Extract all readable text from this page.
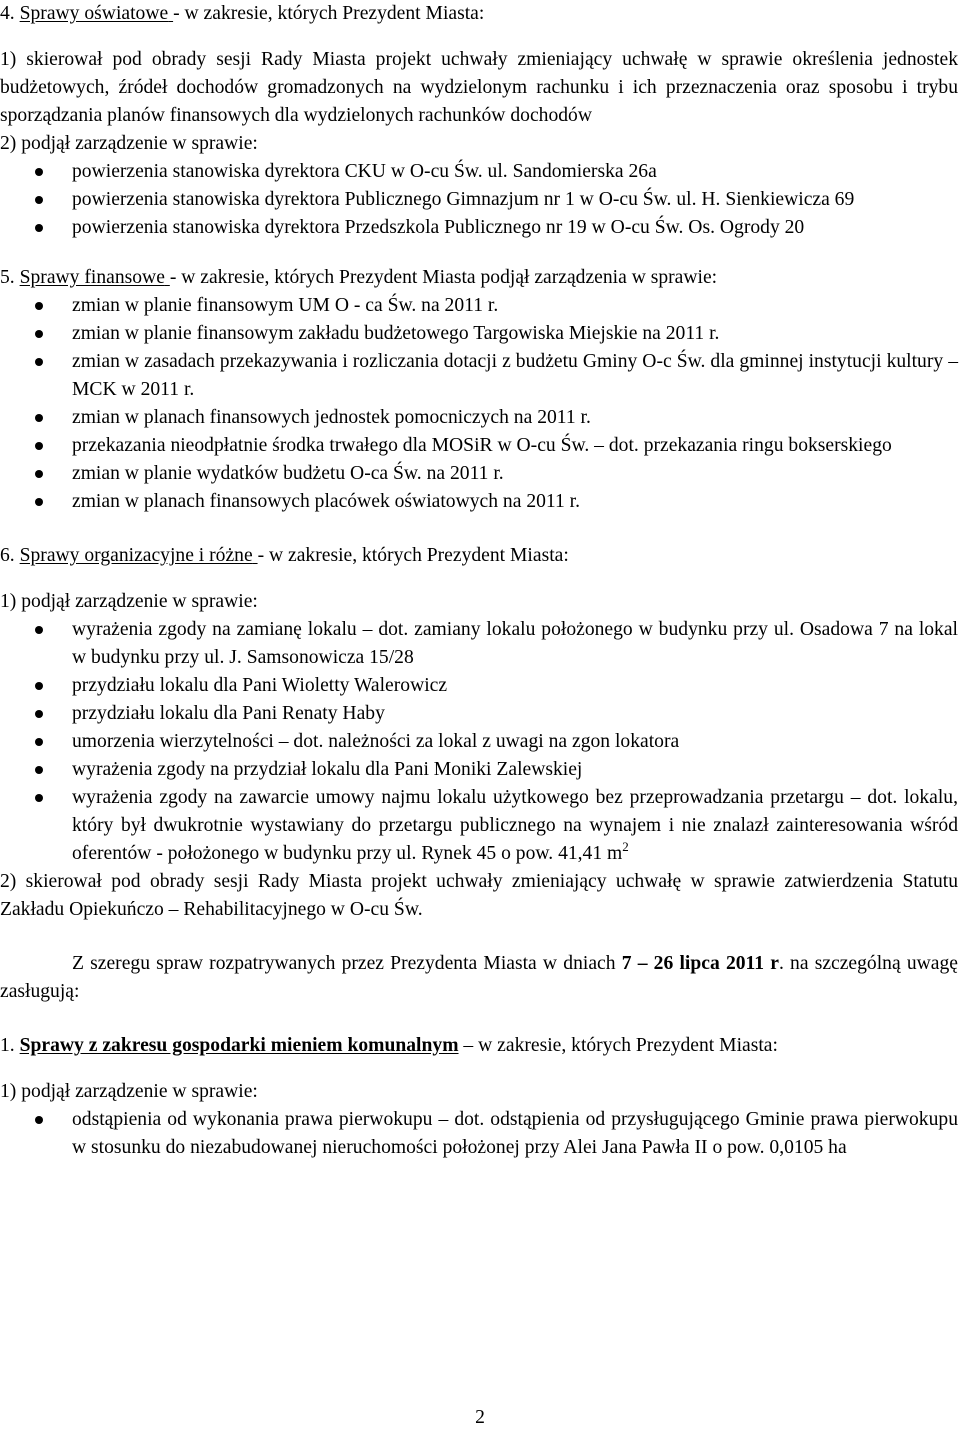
4. Sprawy oświatowe - w zakresie, których Prezydent Miasta:

1) skierował pod obrady sesji Rady Miasta projekt uchwały zmieniający uchwałę w sprawie określenia jednostek budżetowych, źródeł dochodów gromadzonych na wydzielonym rachunku i ich przeznaczenia oraz sposobu i trybu sporządzania planów finansowych dla wydzielonych rachunków dochodów

2) podjął zarządzenie w sprawie:

powierzenia stanowiska dyrektora CKU w O-cu Św. ul. Sandomierska 26a
powierzenia stanowiska dyrektora Publicznego Gimnazjum nr 1 w O-cu Św. ul. H. Sienkiewicza 69
powierzenia stanowiska dyrektora Przedszkola Publicznego nr 19 w O-cu Św. Os. Ogrody 20

5. Sprawy finansowe - w zakresie, których Prezydent Miasta podjął zarządzenia w sprawie:

zmian w planie finansowym UM O - ca Św. na 2011 r.
zmian w planie finansowym zakładu budżetowego Targowiska Miejskie na 2011 r.
zmian w zasadach przekazywania i rozliczania dotacji z budżetu Gminy O-c Św. dla gminnej instytucji kultury – MCK w 2011 r.
zmian w planach finansowych jednostek pomocniczych na 2011 r.
przekazania nieodpłatnie środka trwałego dla MOSiR w O-cu Św. – dot. przekazania ringu bokserskiego
zmian w planie wydatków budżetu O-ca Św. na 2011 r.
zmian w planach finansowych placówek oświatowych na 2011 r.

6. Sprawy organizacyjne i różne - w zakresie, których Prezydent Miasta:

1) podjął zarządzenie w sprawie:

wyrażenia zgody na zamianę lokalu – dot. zamiany lokalu położonego w budynku przy ul. Osadowa 7 na lokal w budynku przy ul. J. Samsonowicza 15/28
przydziału lokalu dla Pani Wioletty Walerowicz
przydziału lokalu dla Pani Renaty Haby
umorzenia wierzytelności – dot. należności za lokal z uwagi na zgon lokatora
wyrażenia zgody na przydział lokalu dla Pani Moniki Zalewskiej
wyrażenia zgody na zawarcie umowy najmu lokalu użytkowego bez przeprowadzania przetargu – dot. lokalu, który był dwukrotnie wystawiany do przetargu publicznego na wynajem i nie znalazł zainteresowania wśród oferentów - położonego w budynku przy ul. Rynek 45 o pow. 41,41 $m^2$

2) skierował pod obrady sesji Rady Miasta projekt uchwały zmieniający uchwałę w sprawie zatwierdzenia Statutu Zakładu Opiekuńczo – Rehabilitacyjnego w O-cu Św.

Z szeregu spraw rozpatrywanych przez Prezydenta Miasta w dniach 7 – 26 lipca 2011 r. na szczególną uwagę zasługują:

1. Sprawy z zakresu gospodarki mieniem komunalnym – w zakresie, których Prezydent Miasta:

1) podjął zarządzenie w sprawie:

odstąpienia od wykonania prawa pierwokupu – dot. odstąpienia od przysługującego Gminie prawa pierwokupu w stosunku do niezabudowanej nieruchomości położonej przy Alei Jana Pawła II o pow. 0,0105 ha
2
